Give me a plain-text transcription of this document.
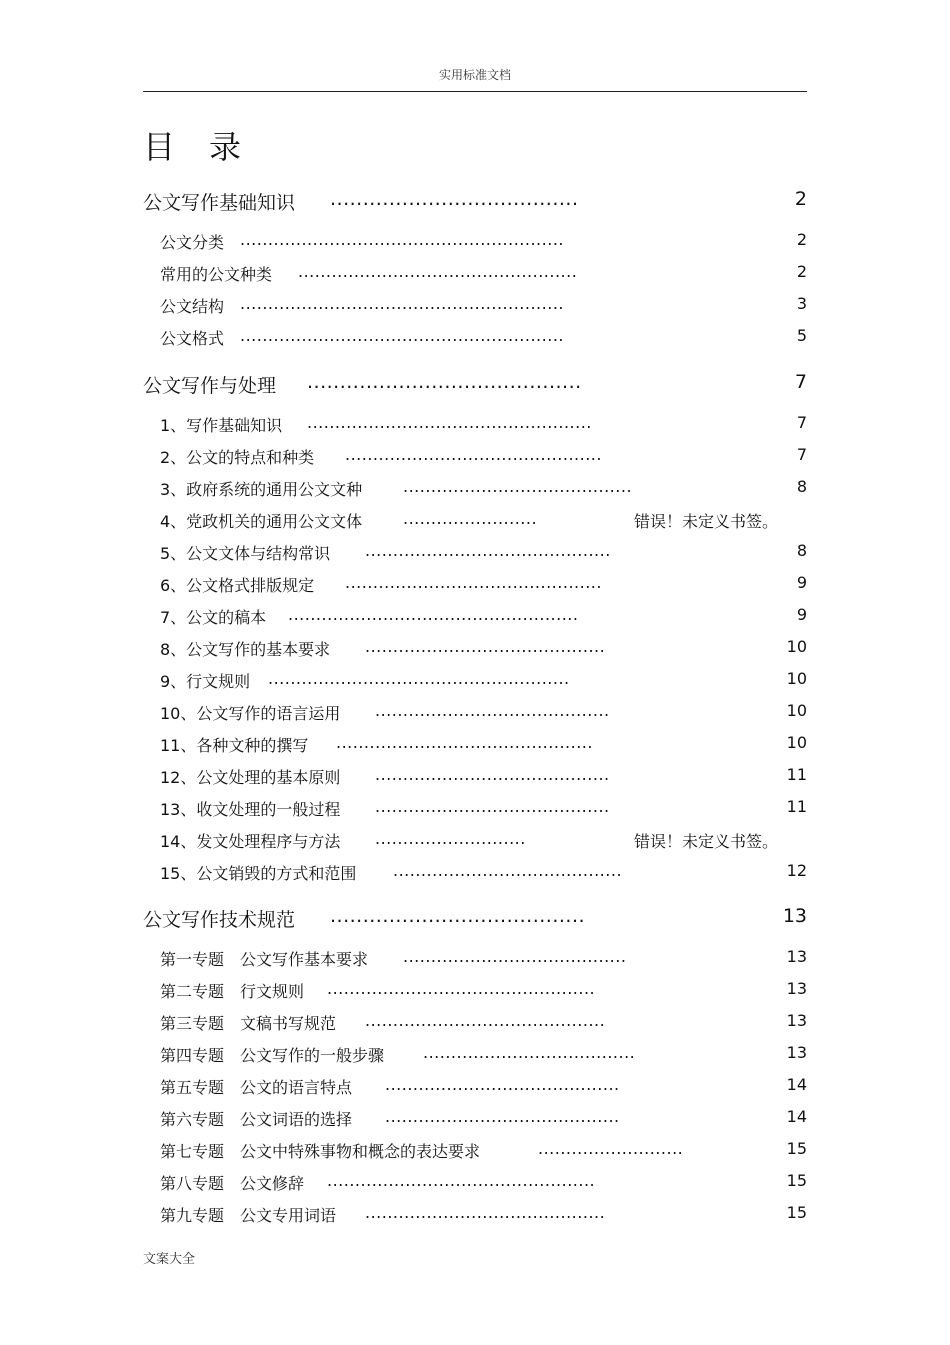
实用标准文档
目录
公文写作基础知识 ......................................	2
公文分类 ..........................................................	2
常用的公文种类 ..................................................	2
公文结构 ..........................................................	3
公文格式 ..........................................................	5
公文写作与处理 ..........................................	7
1、写作基础知识 ...................................................	7
2、公文的特点和种类 ..............................................	7
3、政府系统的通用公文文种	.........................................	8
4、党政机关的通用公文文体	........................	错误！未定义书签。
5、公文文体与结构常识 ............................................	8
6、公文格式排版规定 ..............................................	9
7、公文的稿本 ....................................................	9
8、公文写作的基本要求 ...........................................	10
9、行文规则 ......................................................	10
10、公文写作的语言运用 ..........................................	10
11、各种文种的撰写 ..............................................	10
12、公文处理的基本原则 ..........................................	11
13、收文处理的一般过程 ..........................................	11
14、发文处理程序与方法 ...........................	错误！未定义书签。
15、公文销毁的方式和范围 .........................................	12
公文写作技术规范 .......................................	13
第一专题　公文写作基本要求 ........................................	13
第二专题　行文规则 ................................................	13
第三专题　文稿书写规范 ...........................................	13
第四专题　公文写作的一般步骤 ......................................	13
第五专题　公文的语言特点 ..........................................	14
第六专题　公文词语的选择 ..........................................	14
第七专题　公文中特殊事物和概念的表达要求	..........................	15
第八专题　公文修辞 ................................................	15
第九专题　公文专用词语 ...........................................	15
文案大全
